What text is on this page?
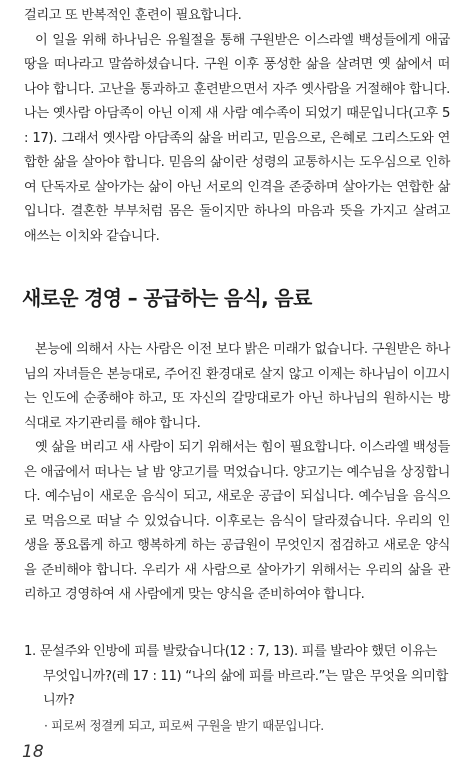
걸리고 또 반복적인 훈련이 필요합니다.

이 일을 위해 하나님은 유월절을 통해 구원받은 이스라엘 백성들에게 애굽 땅을 떠나라고 말씀하셨습니다. 구원 이후 풍성한 삶을 살려면 옛 삶에서 떠나야 합니다. 고난을 통과하고 훈련받으면서 자주 옛사람을 거절해야 합니다. 나는 옛사람 아담족이 아닌 이제 새 사람 예수족이 되었기 때문입니다(고후 5 : 17). 그래서 옛사람 아담족의 삶을 버리고, 믿음으로, 은혜로 그리스도와 연합한 삶을 살아야 합니다. 믿음의 삶이란 성령의 교통하시는 도우심으로 인하여 단독자로 살아가는 삶이 아닌 서로의 인격을 존중하며 살아가는 연합한 삶입니다. 결혼한 부부처럼 몸은 둘이지만 하나의 마음과 뜻을 가지고 살려고 애쓰는 이치와 같습니다.

새로운 경영 – 공급하는 음식, 음료

본능에 의해서 사는 사람은 이전 보다 밝은 미래가 없습니다. 구원받은 하나님의 자녀들은 본능대로, 주어진 환경대로 살지 않고 이제는 하나님이 이끄시는 인도에 순종해야 하고, 또 자신의 갈망대로가 아닌 하나님의 원하시는 방식대로 자기관리를 해야 합니다.

옛 삶을 버리고 새 사람이 되기 위해서는 힘이 필요합니다. 이스라엘 백성들은 애굽에서 떠나는 날 밤 양고기를 먹었습니다. 양고기는 예수님을 상징합니다. 예수님이 새로운 음식이 되고, 새로운 공급이 되십니다. 예수님을 음식으로 먹음으로 떠날 수 있었습니다. 이후로는 음식이 달라졌습니다. 우리의 인생을 풍요롭게 하고 행복하게 하는 공급원이 무엇인지 점검하고 새로운 양식을 준비해야 합니다. 우리가 새 사람으로 살아가기 위해서는 우리의 삶을 관리하고 경영하여 새 사람에게 맞는 양식을 준비하여야 합니다.

1. 문설주와 인방에 피를 발랐습니다(12 : 7, 13). 피를 발라야 했던 이유는 무엇입니까?(레 17 : 11) “나의 삶에 피를 바르라.”는 말은 무엇을 의미합니까?

· 피로써 정결케 되고, 피로써 구원을 받기 때문입니다.

18
